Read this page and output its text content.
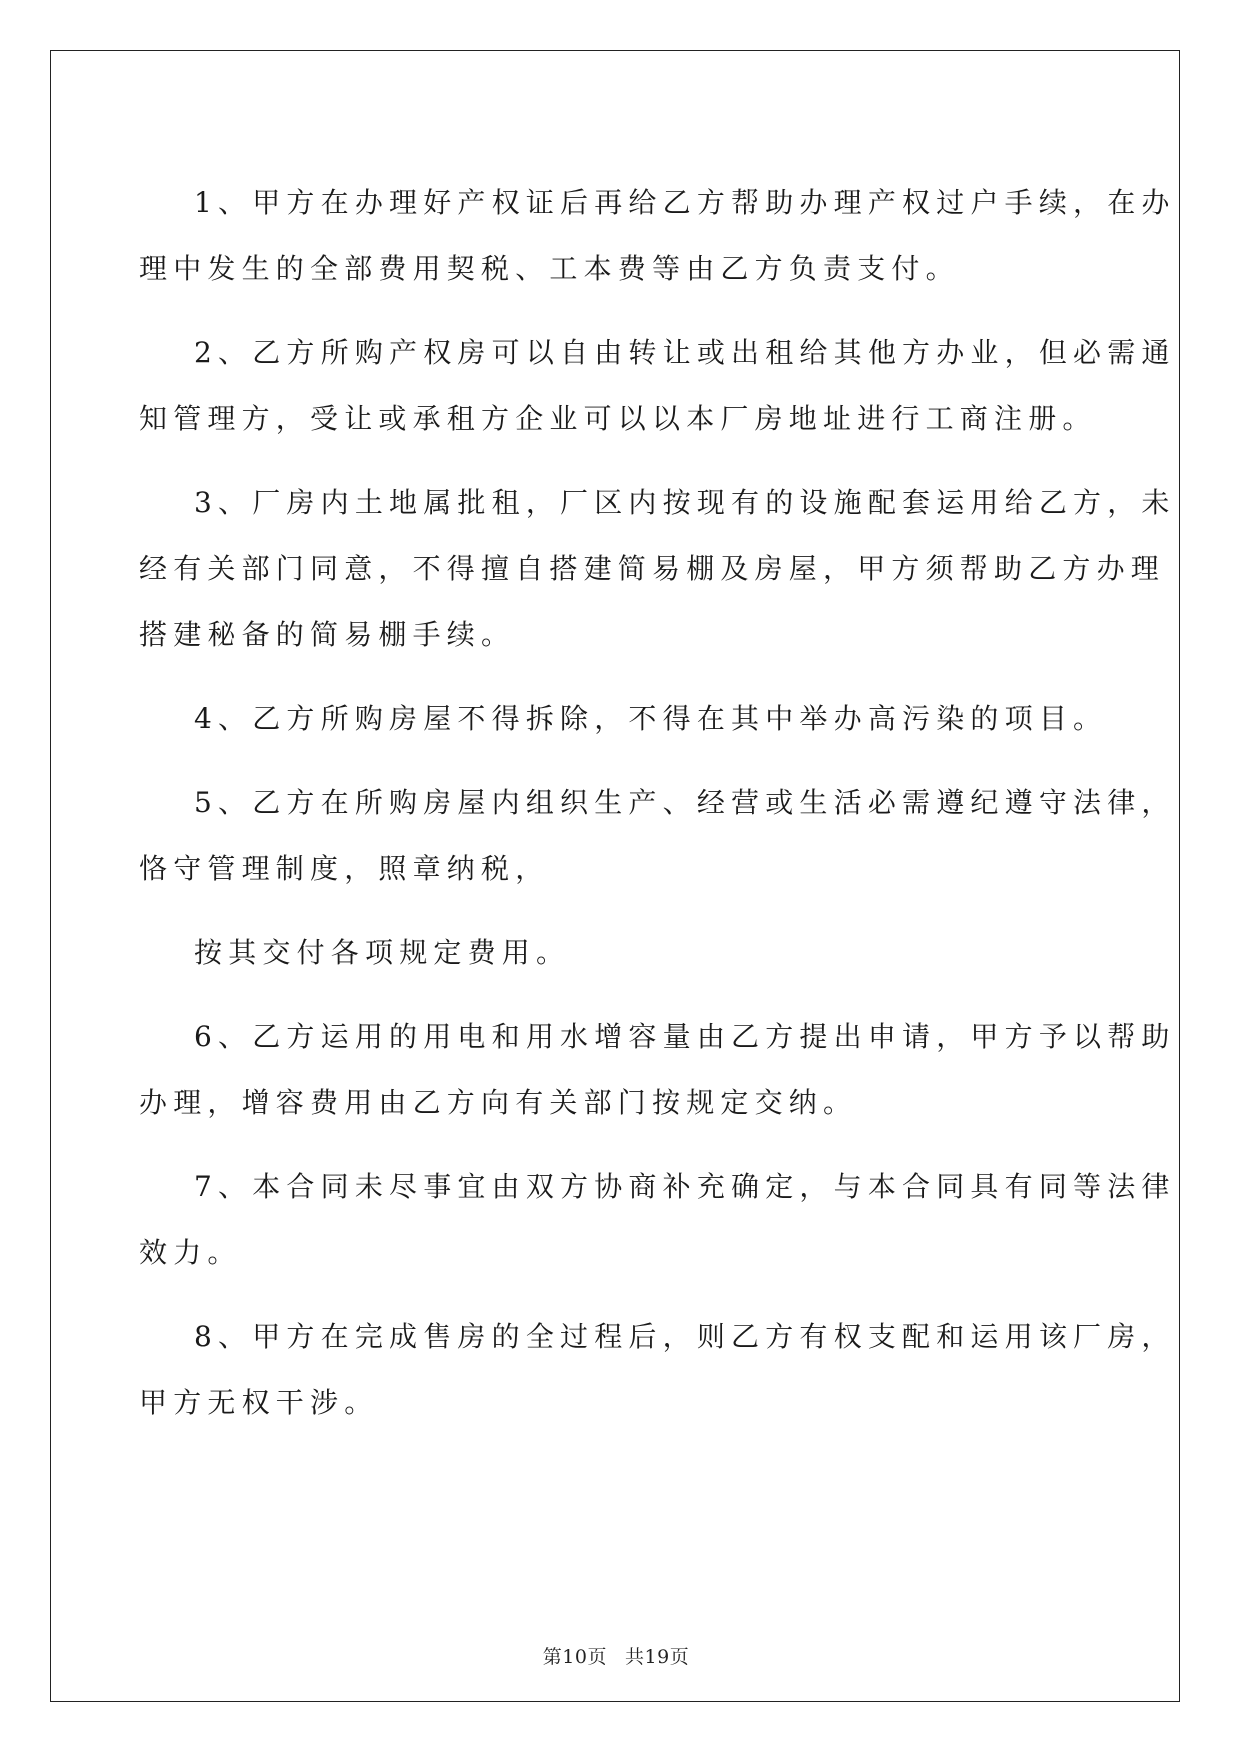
1、甲方在办理好产权证后再给乙方帮助办理产权过户手续，在办
理中发生的全部费用契税、工本费等由乙方负责支付。
2、乙方所购产权房可以自由转让或出租给其他方办业，但必需通
知管理方，受让或承租方企业可以以本厂房地址进行工商注册。
3、厂房内土地属批租，厂区内按现有的设施配套运用给乙方，未
经有关部门同意，不得擅自搭建简易棚及房屋，甲方须帮助乙方办理
搭建秘备的简易棚手续。
4、乙方所购房屋不得拆除，不得在其中举办高污染的项目。
5、乙方在所购房屋内组织生产、经营或生活必需遵纪遵守法律，
恪守管理制度，照章纳税，
按其交付各项规定费用。
6、乙方运用的用电和用水增容量由乙方提出申请，甲方予以帮助
办理，增容费用由乙方向有关部门按规定交纳。
7、本合同未尽事宜由双方协商补充确定，与本合同具有同等法律
效力。
8、甲方在完成售房的全过程后，则乙方有权支配和运用该厂房，
甲方无权干涉。
第10页 共19页
